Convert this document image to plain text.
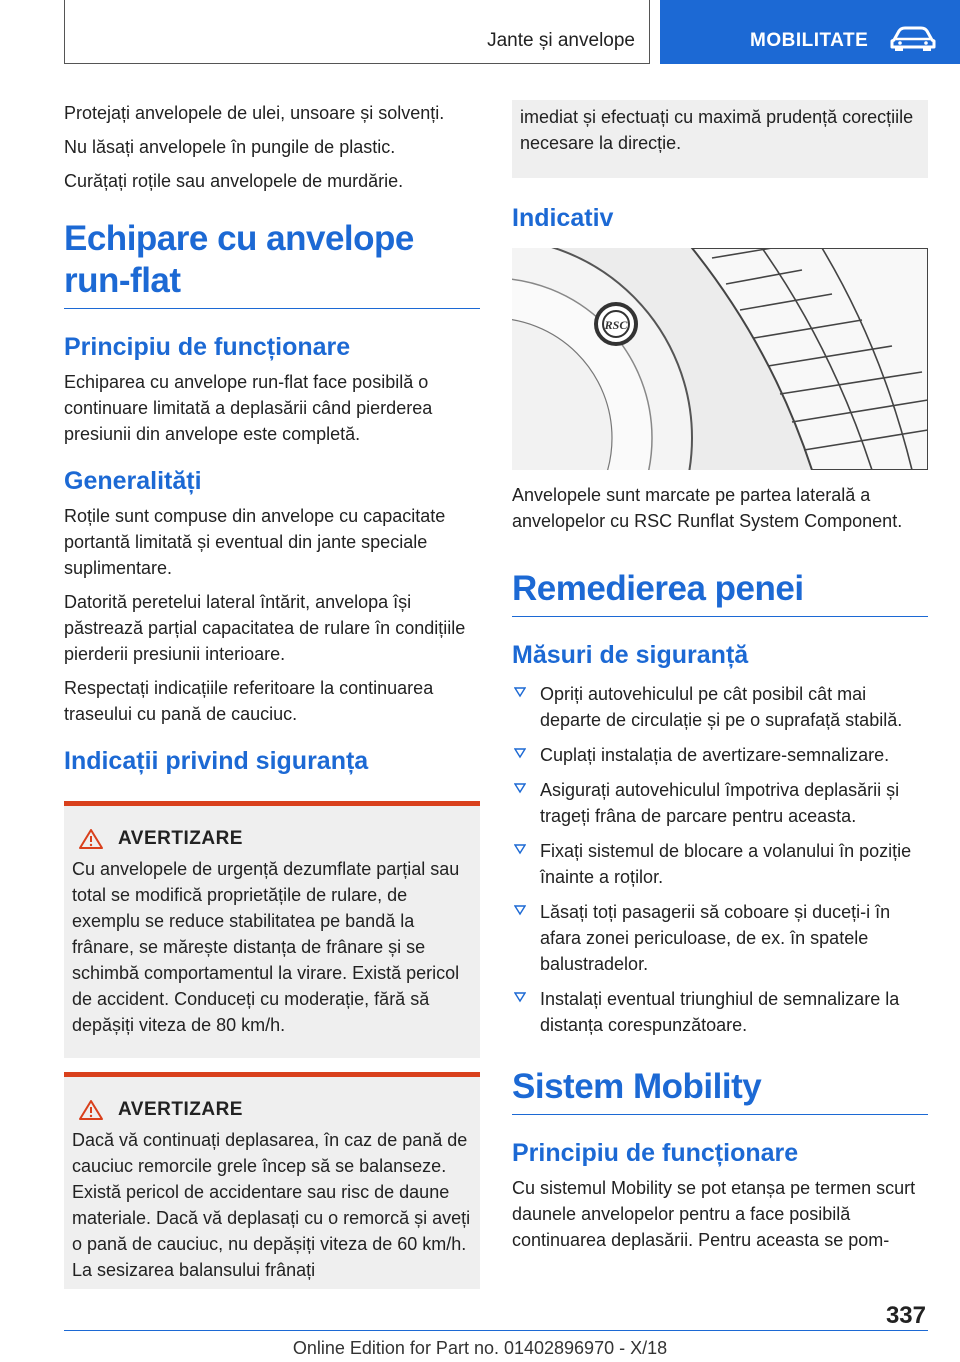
Jante și anvelope	MOBILITATE

Protejați anvelopele de ulei, unsoare și solvenți.

Nu lăsați anvelopele în pungile de plastic.

Curățați roțile sau anvelopele de murdărie.

Echipare cu anvelope run-flat
Principiu de funcționare

Echiparea cu anvelope run-flat face posibilă o continuare limitată a deplasării când pierderea presiunii din anvelope este completă.

Generalități

Roțile sunt compuse din anvelope cu capacitate portantă limitată și eventual din jante speciale suplimentare.

Datorită peretelui lateral întărit, anvelopa își păstrează parțial capacitatea de rulare în condițiile pierderii presiunii interioare.

Respectați indicațiile referitoare la continuarea traseului cu pană de cauciuc.

Indicații privind siguranța
AVERTIZARE

Cu anvelopele de urgență dezumflate parțial sau total se modifică proprietățile de rulare, de exemplu se reduce stabilitatea pe bandă la frânare, se mărește distanța de frânare și se schimbă comportamentul la virare. Există pericol de accident. Conduceți cu moderație, fără să depășiți viteza de 80 km/h.

AVERTIZARE

Dacă vă continuați deplasarea, în caz de pană de cauciuc remorcile grele încep să se balanseze. Există pericol de accidentare sau risc de daune materiale. Dacă vă deplasați cu o remorcă și aveți o pană de cauciuc, nu depășiți viteza de 60 km/h. La sesizarea balansului frânați

imediat și efectuați cu maximă prudență corecțiile necesare la direcție.

Indicativ
RSC

Anvelopele sunt marcate pe partea laterală a anvelopelor cu RSC Runflat System Component.

Remedierea penei
Măsuri de siguranță
Opriți autovehiculul pe cât posibil cât mai departe de circulație și pe o suprafață stabilă.
Cuplați instalația de avertizare-semnalizare.
Asigurați autovehiculul împotriva deplasării și trageți frâna de parcare pentru aceasta.
Fixați sistemul de blocare a volanului în poziție înainte a roților.
Lăsați toți pasagerii să coboare și duceți-i în afara zonei periculoase, de ex. în spatele balustradelor.
Instalați eventual triunghiul de semnalizare la distanța corespunzătoare.
Sistem Mobility
Principiu de funcționare

Cu sistemul Mobility se pot etanșa pe termen scurt daunele anvelopelor pentru a face posibilă continuarea deplasării. Pentru aceasta se pom-

337
Online Edition for Part no. 01402896970 - X/18
